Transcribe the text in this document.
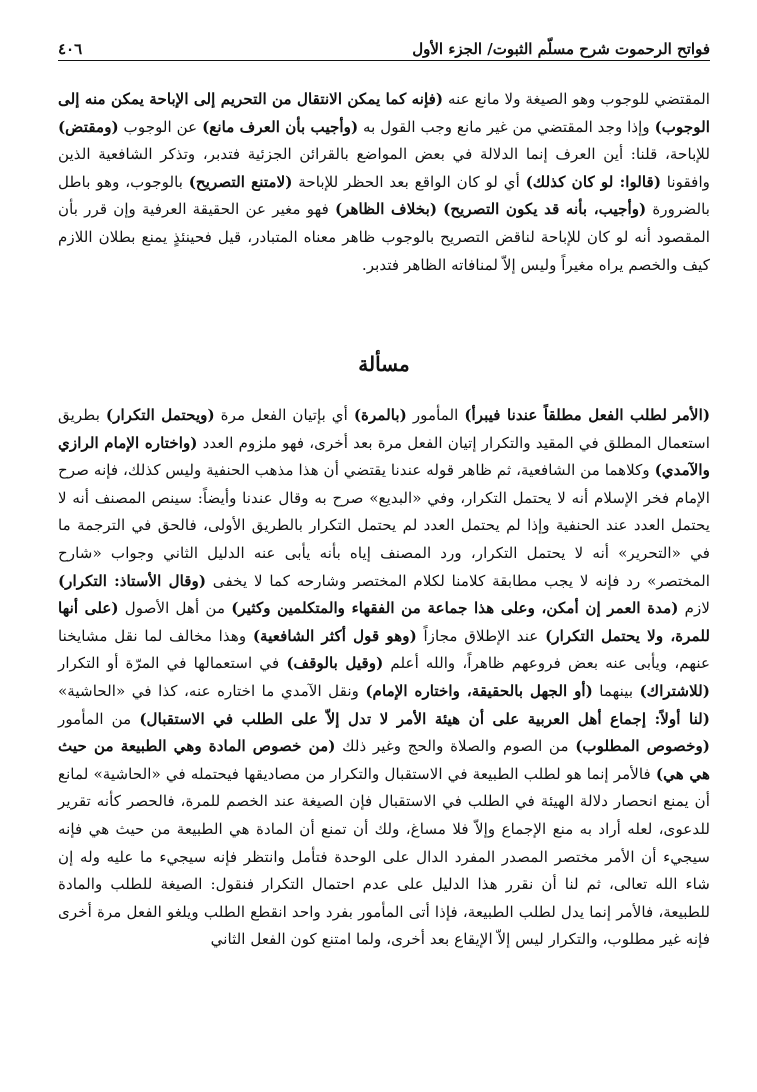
فواتح الرحموت شرح مسلّم الثبوت/ الجزء الأول
٤٠٦

المقتضي للوجوب وهو الصيغة ولا مانع عنه (فإنه كما يمكن الانتقال من التحريم إلى الإباحة يمكن منه إلى الوجوب) وإذا وجد المقتضي من غير مانع وجب القول به (وأجيب بأن العرف مانع) عن الوجوب (ومقتض) للإباحة، قلنا: أين العرف إنما الدلالة في بعض المواضع بالقرائن الجزئية فتدبر، وتذكر الشافعية الذين وافقونا (قالوا: لو كان كذلك) أي لو كان الواقع بعد الحظر للإباحة (لامتنع التصريح) بالوجوب، وهو باطل بالضرورة (وأجيب، بأنه قد يكون التصريح) (بخلاف الظاهر) فهو مغير عن الحقيقة العرفية وإن قرر بأن المقصود أنه لو كان للإباحة لناقض التصريح بالوجوب ظاهر معناه المتبادر، قيل فحينئذٍ يمنع بطلان اللازم كيف والخصم يراه مغيراً وليس إلاّ لمنافاته الظاهر فتدبر.

مسألة

(الأمر لطلب الفعل مطلقاً عندنا فيبرأ) المأمور (بالمرة) أي بإتيان الفعل مرة (ويحتمل التكرار) بطريق استعمال المطلق في المقيد والتكرار إتيان الفعل مرة بعد أخرى، فهو ملزوم العدد (واختاره الإمام الرازي والآمدي) وكلاهما من الشافعية، ثم ظاهر قوله عندنا يقتضي أن هذا مذهب الحنفية وليس كذلك، فإنه صرح الإمام فخر الإسلام أنه لا يحتمل التكرار، وفي «البديع» صرح به وقال عندنا وأيضاً: سينص المصنف أنه لا يحتمل العدد عند الحنفية وإذا لم يحتمل العدد لم يحتمل التكرار بالطريق الأولى، فالحق في الترجمة ما في «التحرير» أنه لا يحتمل التكرار، ورد المصنف إياه بأنه يأبى عنه الدليل الثاني وجواب «شارح المختصر» رد فإنه لا يجب مطابقة كلامنا لكلام المختصر وشارحه كما لا يخفى (وقال الأستاذ: التكرار) لازم (مدة العمر إن أمكن، وعلى هذا جماعة من الفقهاء والمتكلمين وكثير) من أهل الأصول (على أنها للمرة، ولا يحتمل التكرار) عند الإطلاق مجازاً (وهو قول أكثر الشافعية) وهذا مخالف لما نقل مشايخنا عنهم، ويأبى عنه بعض فروعهم ظاهراً، والله أعلم (وقيل بالوقف) في استعمالها في المرّة أو التكرار (للاشتراك) بينهما (أو الجهل بالحقيقة، واختاره الإمام) ونقل الآمدي ما اختاره عنه، كذا في «الحاشية» (لنا أولاً: إجماع أهل العربية على أن هيئة الأمر لا تدل إلاّ على الطلب في الاستقبال) من المأمور (وخصوص المطلوب) من الصوم والصلاة والحج وغير ذلك (من خصوص المادة وهي الطبيعة من حيث هي هي) فالأمر إنما هو لطلب الطبيعة في الاستقبال والتكرار من مصاديقها فيحتمله في «الحاشية» لمانع أن يمنع انحصار دلالة الهيئة في الطلب في الاستقبال فإن الصيغة عند الخصم للمرة، فالحصر كأنه تقرير للدعوى، لعله أراد به منع الإجماع وإلاّ فلا مساغ، ولك أن تمنع أن المادة هي الطبيعة من حيث هي فإنه سيجيء أن الأمر مختصر المصدر المفرد الدال على الوحدة فتأمل وانتظر فإنه سيجيء ما عليه وله إن شاء الله تعالى، ثم لنا أن نقرر هذا الدليل على عدم احتمال التكرار فنقول: الصيغة للطلب والمادة للطبيعة، فالأمر إنما يدل لطلب الطبيعة، فإذا أتى المأمور بفرد واحد انقطع الطلب ويلغو الفعل مرة أخرى فإنه غير مطلوب، والتكرار ليس إلاّ الإيقاع بعد أخرى، ولما امتنع كون الفعل الثاني
